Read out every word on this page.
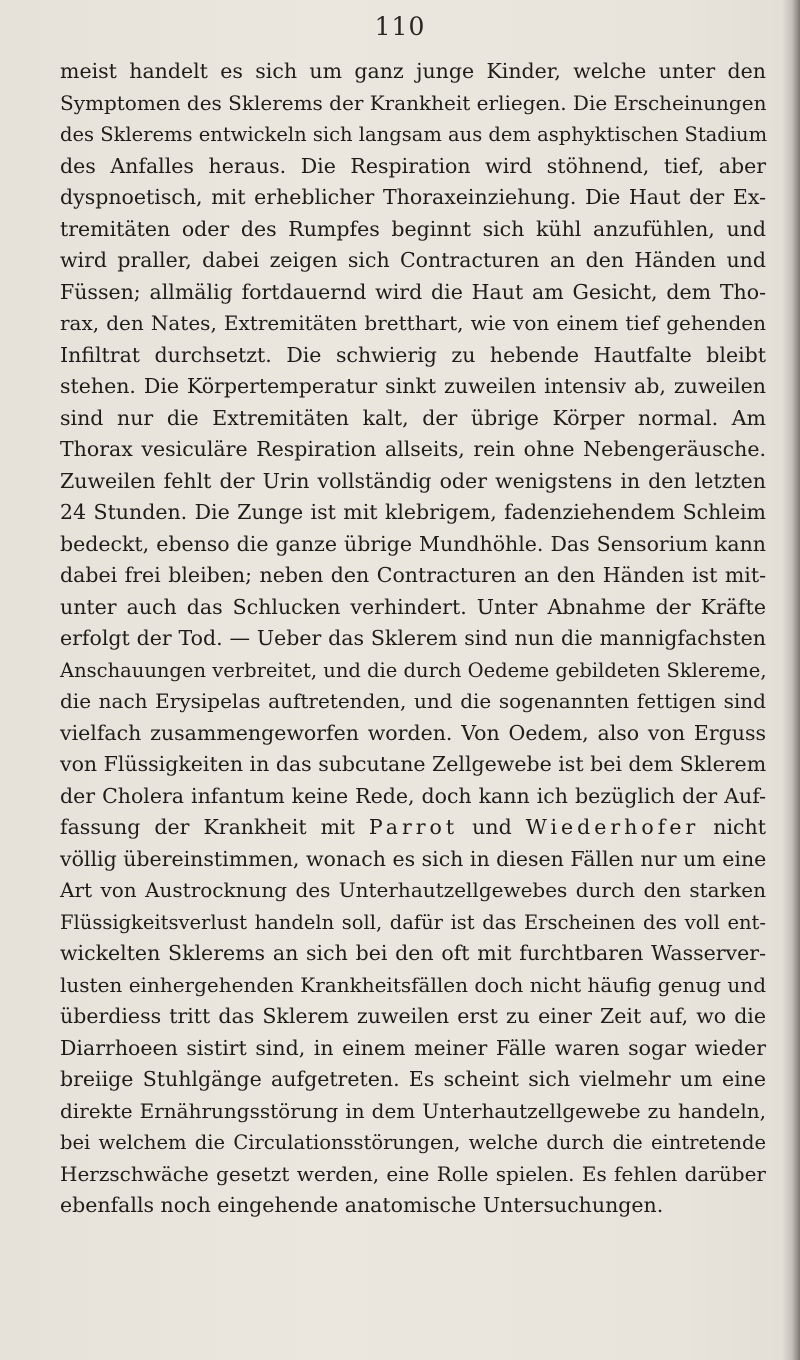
110
meist handelt es sich um ganz junge Kinder, welche unter den
Symptomen des Sklerems der Krankheit erliegen. Die Erscheinungen
des Sklerems entwickeln sich langsam aus dem asphyktischen Stadium
des Anfalles heraus. Die Respiration wird stöhnend, tief, aber
dyspnoetisch, mit erheblicher Thoraxeinziehung. Die Haut der Ex-
tremitäten oder des Rumpfes beginnt sich kühl anzufühlen, und
wird praller, dabei zeigen sich Contracturen an den Händen und
Füssen; allmälig fortdauernd wird die Haut am Gesicht, dem Tho-
rax, den Nates, Extremitäten bretthart, wie von einem tief gehenden
Infiltrat durchsetzt. Die schwierig zu hebende Hautfalte bleibt
stehen. Die Körpertemperatur sinkt zuweilen intensiv ab, zuweilen
sind nur die Extremitäten kalt, der übrige Körper normal. Am
Thorax vesiculäre Respiration allseits, rein ohne Nebengeräusche.
Zuweilen fehlt der Urin vollständig oder wenigstens in den letzten
24 Stunden. Die Zunge ist mit klebrigem, fadenziehendem Schleim
bedeckt, ebenso die ganze übrige Mundhöhle. Das Sensorium kann
dabei frei bleiben; neben den Contracturen an den Händen ist mit-
unter auch das Schlucken verhindert. Unter Abnahme der Kräfte
erfolgt der Tod. — Ueber das Sklerem sind nun die mannigfachsten
Anschauungen verbreitet, und die durch Oedeme gebildeten Sklereme,
die nach Erysipelas auftretenden, und die sogenannten fettigen sind
vielfach zusammengeworfen worden. Von Oedem, also von Erguss
von Flüssigkeiten in das subcutane Zellgewebe ist bei dem Sklerem
der Cholera infantum keine Rede, doch kann ich bezüglich der Auf-
fassung der Krankheit mit Parrot und Wiederhofer nicht
völlig übereinstimmen, wonach es sich in diesen Fällen nur um eine
Art von Austrocknung des Unterhautzellgewebes durch den starken
Flüssigkeitsverlust handeln soll, dafür ist das Erscheinen des voll ent-
wickelten Sklerems an sich bei den oft mit furchtbaren Wasserver-
lusten einhergehenden Krankheitsfällen doch nicht häufig genug und
überdiess tritt das Sklerem zuweilen erst zu einer Zeit auf, wo die
Diarrhoeen sistirt sind, in einem meiner Fälle waren sogar wieder
breiige Stuhlgänge aufgetreten. Es scheint sich vielmehr um eine
direkte Ernährungsstörung in dem Unterhautzellgewebe zu handeln,
bei welchem die Circulationsstörungen, welche durch die eintretende
Herzschwäche gesetzt werden, eine Rolle spielen. Es fehlen darüber
ebenfalls noch eingehende anatomische Untersuchungen.
